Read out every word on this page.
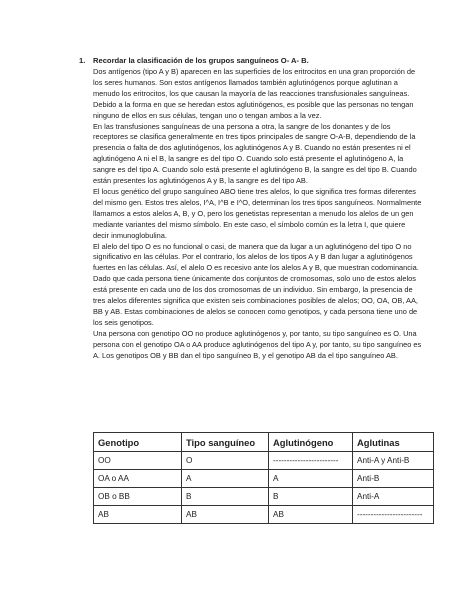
1. Recordar la clasificación de los grupos sanguíneos O- A- B.

Dos antígenos (tipo A y B) aparecen en las superficies de los eritrocitos en una gran proporción de los seres humanos. Son estos antígenos llamados también aglutinógenos porque aglutinan a menudo los eritrocitos, los que causan la mayoría de las reacciones transfusionales sanguíneas. Debido a la forma en que se heredan estos aglutinógenos, es posible que las personas no tengan ninguno de ellos en sus células, tengan uno o tengan ambos a la vez.

En las transfusiones sanguíneas de una persona a otra, la sangre de los donantes y de los receptores se clasifica generalmente en tres tipos principales de sangre O-A-B, dependiendo de la presencia o falta de dos aglutinógenos, los aglutinógenos A y B. Cuando no están presentes ni el aglutinógeno A ni el B, la sangre es del tipo O. Cuando solo está presente el aglutinógeno A, la sangre es del tipo A. Cuando solo está presente el aglutinógeno B, la sangre es del tipo B. Cuando están presentes los aglutinógenos A y B, la sangre es del tipo AB.

El locus genético del grupo sanguíneo ABO tiene tres alelos, lo que significa tres formas diferentes del mismo gen. Estos tres alelos, I^A, I^B e I^O, determinan los tres tipos sanguíneos. Normalmente llamamos a estos alelos A, B, y O, pero los genetistas representan a menudo los alelos de un gen mediante variantes del mismo símbolo. En este caso, el símbolo común es la letra I, que quiere decir inmunoglobulina.

El alelo del tipo O es no funcional o casi, de manera que da lugar a un aglutinógeno del tipo O no significativo en las células. Por el contrario, los alelos de los tipos A y B dan lugar a aglutinógenos fuertes en las células. Así, el alelo O es recesivo ante los alelos A y B, que muestran codominancia.

Dado que cada persona tiene únicamente dos conjuntos de cromosomas, solo uno de estos alelos está presente en cada uno de los dos cromosomas de un individuo. Sin embargo, la presencia de tres alelos diferentes significa que existen seis combinaciones posibles de alelos; OO, OA, OB, AA, BB y AB. Estas combinaciones de alelos se conocen como genotipos, y cada persona tiene uno de los seis genotipos.

Una persona con genotipo OO no produce aglutinógenos y, por tanto, su tipo sanguíneo es O. Una persona con el genotipo OA o AA produce aglutinógenos del tipo A y, por tanto, su tipo sanguíneo es A. Los genotipos OB y BB dan el tipo sanguíneo B, y el genotipo AB da el tipo sanguíneo AB.

Genotipo	Tipo sanguíneo	Aglutinógeno	Aglutinas
OO	O	------------------------	Anti-A y Anti-B
OA o AA	A	A	Anti-B
OB o BB	B	B	Anti-A
AB	AB	AB	------------------------
